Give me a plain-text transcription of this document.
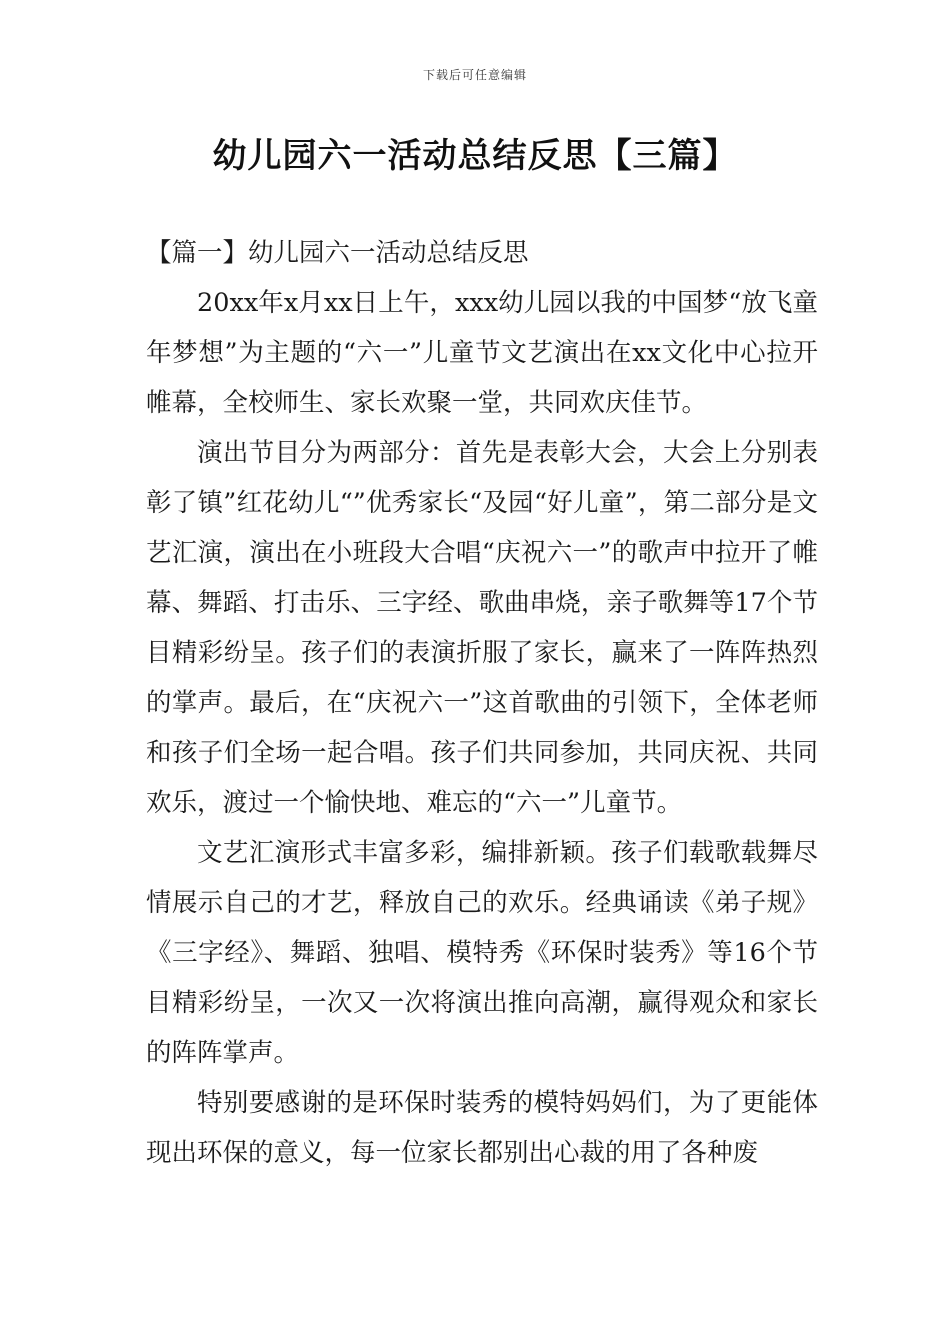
下载后可任意编辑
幼儿园六一活动总结反思【三篇】
【篇一】幼儿园六一活动总结反思

20xx年x月xx日上午，xxx幼儿园以我的中国梦“放飞童年梦想”为主题的“六一”儿童节文艺演出在xx文化中心拉开帷幕，全校师生、家长欢聚一堂，共同欢庆佳节。

演出节目分为两部分：首先是表彰大会，大会上分别表彰了镇”红花幼儿“”优秀家长“及园“好儿童”，第二部分是文艺汇演，演出在小班段大合唱“庆祝六一”的歌声中拉开了帷幕、舞蹈、打击乐、三字经、歌曲串烧，亲子歌舞等17个节目精彩纷呈。孩子们的表演折服了家长，赢来了一阵阵热烈的掌声。最后，在“庆祝六一”这首歌曲的引领下，全体老师和孩子们全场一起合唱。孩子们共同参加，共同庆祝、共同欢乐，渡过一个愉快地、难忘的“六一”儿童节。

文艺汇演形式丰富多彩，编排新颖。孩子们载歌载舞尽情展示自己的才艺，释放自己的欢乐。经典诵读《弟子规》《三字经》、舞蹈、独唱、模特秀《环保时装秀》等16个节目精彩纷呈，一次又一次将演出推向高潮，赢得观众和家长的阵阵掌声。

特别要感谢的是环保时装秀的模特妈妈们，为了更能体现出环保的意义，每一位家长都别出心裁的用了各种废
